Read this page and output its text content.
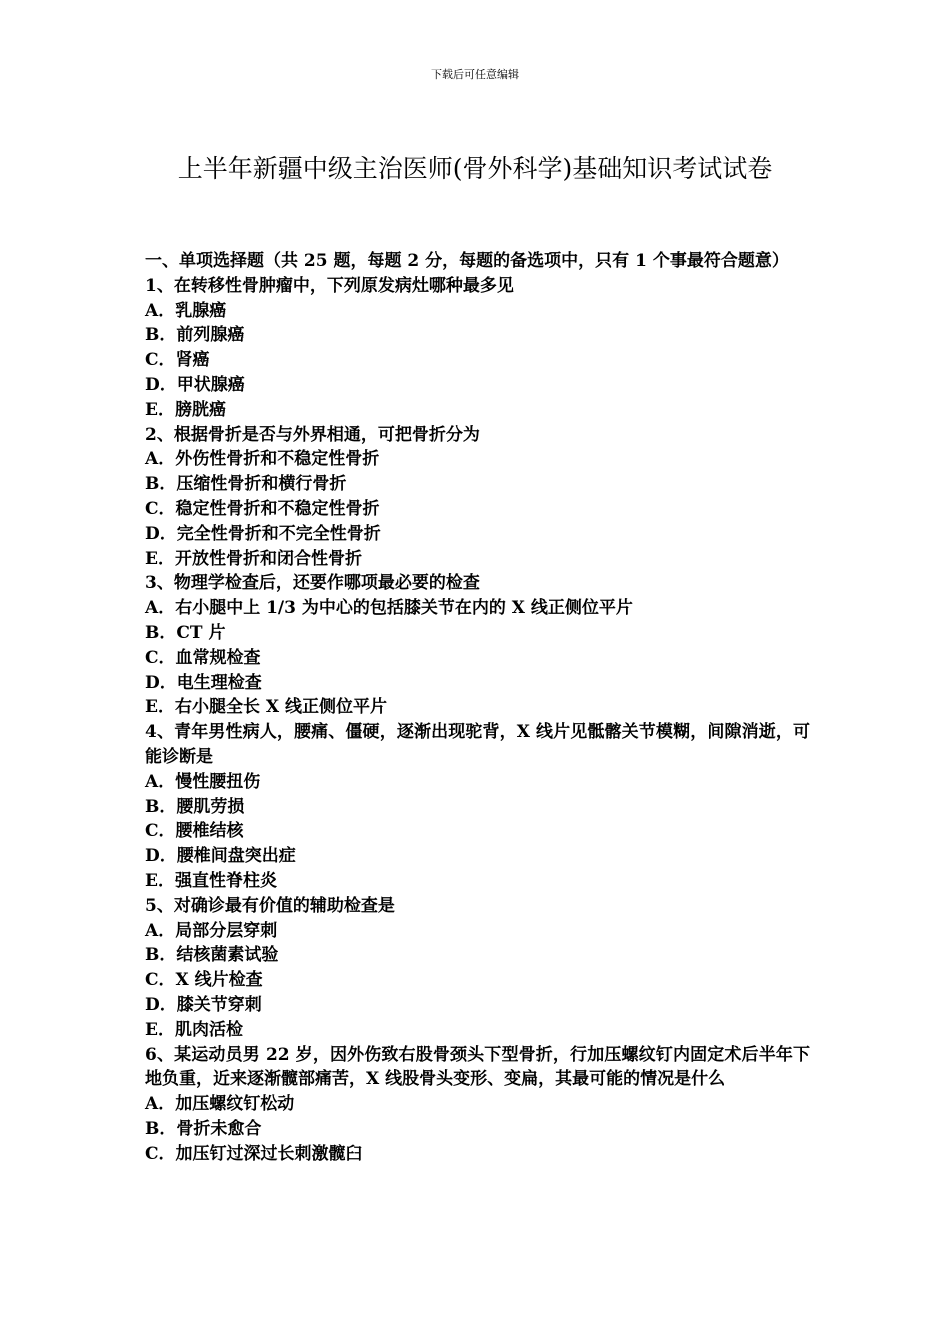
下载后可任意编辑
上半年新疆中级主治医师(骨外科学)基础知识考试试卷
一、单项选择题（共 25 题，每题 2 分，每题的备选项中，只有 1 个事最符合题意）
1、在转移性骨肿瘤中，下列原发病灶哪种最多见
A．乳腺癌
B．前列腺癌
C．肾癌
D．甲状腺癌
E．膀胱癌
2、根据骨折是否与外界相通，可把骨折分为
A．外伤性骨折和不稳定性骨折
B．压缩性骨折和横行骨折
C．稳定性骨折和不稳定性骨折
D．完全性骨折和不完全性骨折
E．开放性骨折和闭合性骨折
3、物理学检查后，还要作哪项最必要的检查
A．右小腿中上 1/3 为中心的包括膝关节在内的 X 线正侧位平片
B．CT 片
C．血常规检查
D．电生理检查
E．右小腿全长 X 线正侧位平片
4、青年男性病人，腰痛、僵硬，逐渐出现驼背，X 线片见骶髂关节模糊，间隙消逝，可能诊断是
A．慢性腰扭伤
B．腰肌劳损
C．腰椎结核
D．腰椎间盘突出症
E．强直性脊柱炎
5、对确诊最有价值的辅助检查是
A．局部分层穿刺
B．结核菌素试验
C．X 线片检查
D．膝关节穿刺
E．肌肉活检
6、某运动员男 22 岁，因外伤致右股骨颈头下型骨折，行加压螺纹钉内固定术后半年下地负重，近来逐渐髋部痛苦，X 线股骨头变形、变扁，其最可能的情况是什么
A．加压螺纹钉松动
B．骨折未愈合
C．加压钉过深过长刺激髋臼
